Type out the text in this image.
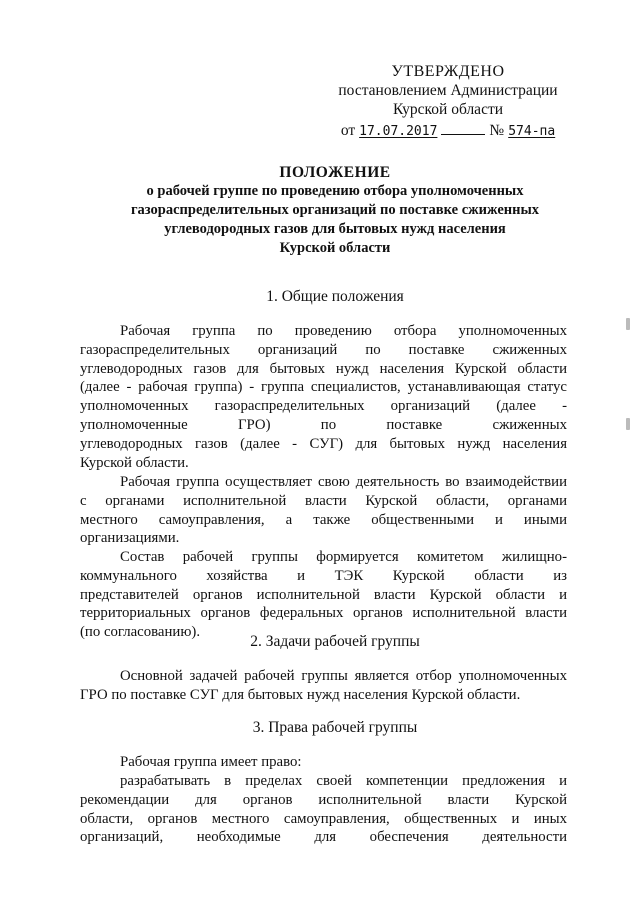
УТВЕРЖДЕНО
постановлением Администрации
Курской области
от 17.07.2017	№ 574-па
ПОЛОЖЕНИЕ
о рабочей группе по проведению отбора уполномоченных
газораспределительных организаций по поставке сжиженных
углеводородных газов для бытовых нужд населения
Курской области
1. Общие положения
Рабочая группа по проведению отбора уполномоченных
газораспределительных организаций по поставке сжиженных
углеводородных газов для бытовых нужд населения Курской области
(далее - рабочая группа) - группа специалистов, устанавливающая статус
уполномоченных газораспределительных организаций (далее -
уполномоченные ГРО) по поставке сжиженных
углеводородных газов (далее - СУГ) для бытовых нужд населения
Курской области.
Рабочая группа осуществляет свою деятельность во взаимодействии
с органами исполнительной власти Курской области, органами
местного самоуправления, а также общественными и иными
организациями.
Состав рабочей группы формируется комитетом жилищно-
коммунального хозяйства и ТЭК Курской области из
представителей органов исполнительной власти Курской области и
территориальных органов федеральных органов исполнительной власти
(по согласованию).
2. Задачи рабочей группы
Основной задачей рабочей группы является отбор уполномоченных
ГРО по поставке СУГ для бытовых нужд населения Курской области.
3. Права рабочей группы
Рабочая группа имеет право:
разрабатывать в пределах своей компетенции предложения и
рекомендации для органов исполнительной власти Курской
области, органов местного самоуправления, общественных и иных
организаций, необходимые для обеспечения деятельности
